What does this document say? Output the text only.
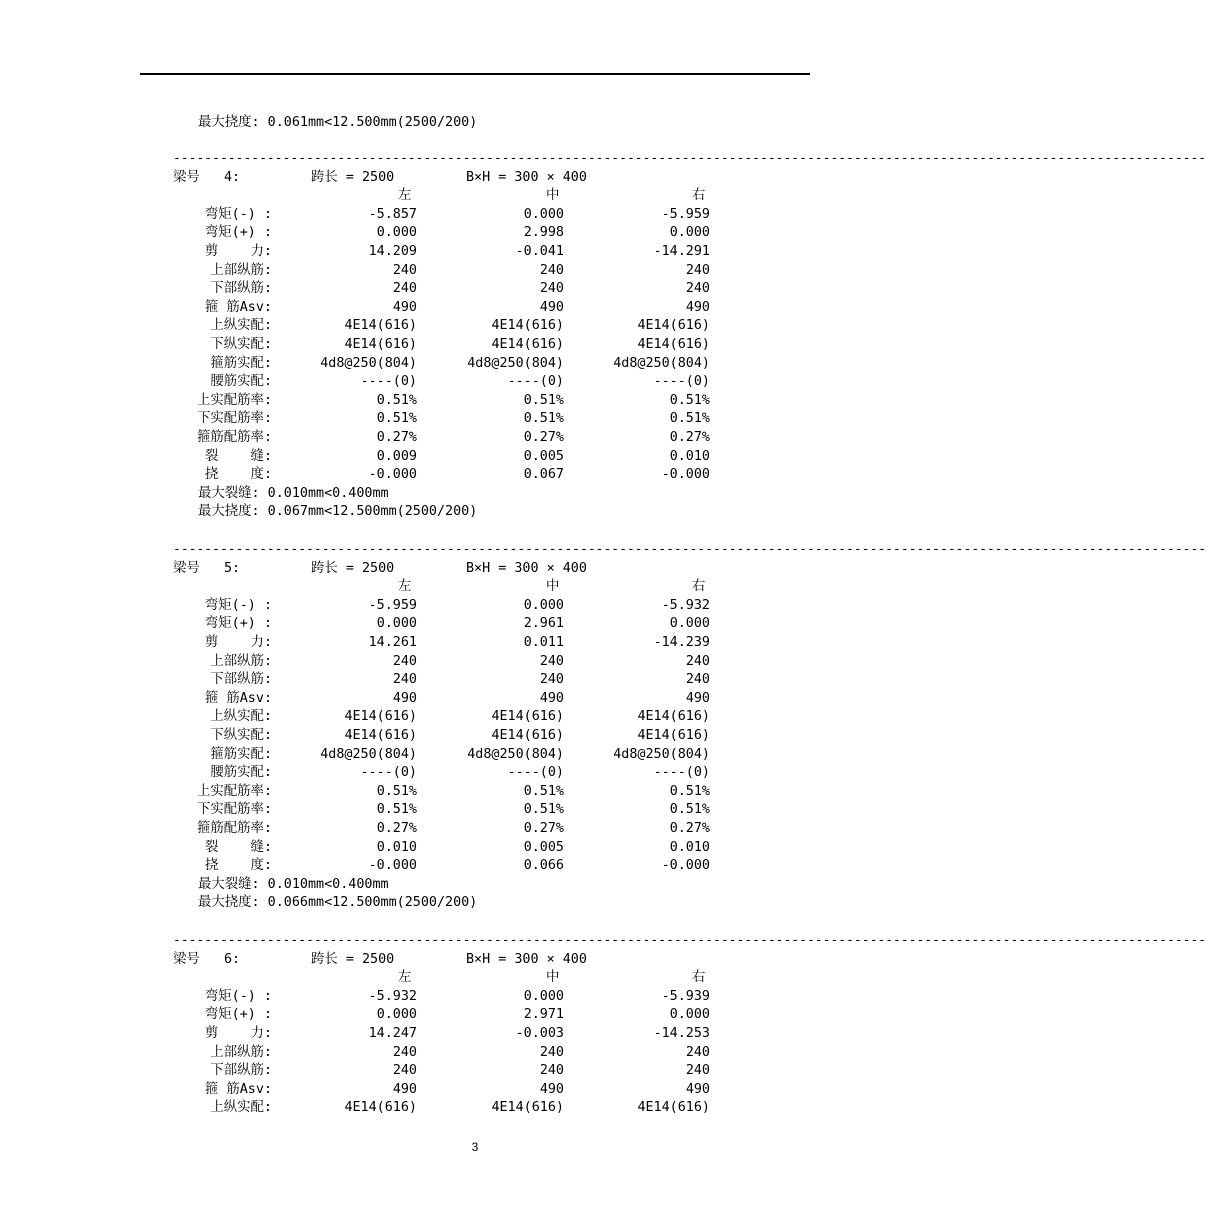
最大挠度: 0.061mm<12.500mm(2500/200)
------------------------------------------------------------------------------------------------------------------------------------
梁号   4:	跨长 = 2500	B×H = 300 × 400
左	中	右
弯矩(-) :	-5.857	0.000	-5.959
弯矩(+) :	0.000	2.998	0.000
剪    力:	14.209	-0.041	-14.291
上部纵筋:	240	240	240
下部纵筋:	240	240	240
箍 筋Asv:	490	490	490
上纵实配:	4E14(616)	4E14(616)	4E14(616)
下纵实配:	4E14(616)	4E14(616)	4E14(616)
箍筋实配:	4d8@250(804)	4d8@250(804)	4d8@250(804)
腰筋实配:	----(0)	----(0)	----(0)
上实配筋率:	0.51%	0.51%	0.51%
下实配筋率:	0.51%	0.51%	0.51%
箍筋配筋率:	0.27%	0.27%	0.27%
裂    缝:	0.009	0.005	0.010
挠    度:	-0.000	0.067	-0.000
最大裂缝: 0.010mm<0.400mm
最大挠度: 0.067mm<12.500mm(2500/200)
------------------------------------------------------------------------------------------------------------------------------------
梁号   5:	跨长 = 2500	B×H = 300 × 400
左	中	右
弯矩(-) :	-5.959	0.000	-5.932
弯矩(+) :	0.000	2.961	0.000
剪    力:	14.261	0.011	-14.239
上部纵筋:	240	240	240
下部纵筋:	240	240	240
箍 筋Asv:	490	490	490
上纵实配:	4E14(616)	4E14(616)	4E14(616)
下纵实配:	4E14(616)	4E14(616)	4E14(616)
箍筋实配:	4d8@250(804)	4d8@250(804)	4d8@250(804)
腰筋实配:	----(0)	----(0)	----(0)
上实配筋率:	0.51%	0.51%	0.51%
下实配筋率:	0.51%	0.51%	0.51%
箍筋配筋率:	0.27%	0.27%	0.27%
裂    缝:	0.010	0.005	0.010
挠    度:	-0.000	0.066	-0.000
最大裂缝: 0.010mm<0.400mm
最大挠度: 0.066mm<12.500mm(2500/200)
------------------------------------------------------------------------------------------------------------------------------------
梁号   6:	跨长 = 2500	B×H = 300 × 400
左	中	右
弯矩(-) :	-5.932	0.000	-5.939
弯矩(+) :	0.000	2.971	0.000
剪    力:	14.247	-0.003	-14.253
上部纵筋:	240	240	240
下部纵筋:	240	240	240
箍 筋Asv:	490	490	490
上纵实配:	4E14(616)	4E14(616)	4E14(616)
3
